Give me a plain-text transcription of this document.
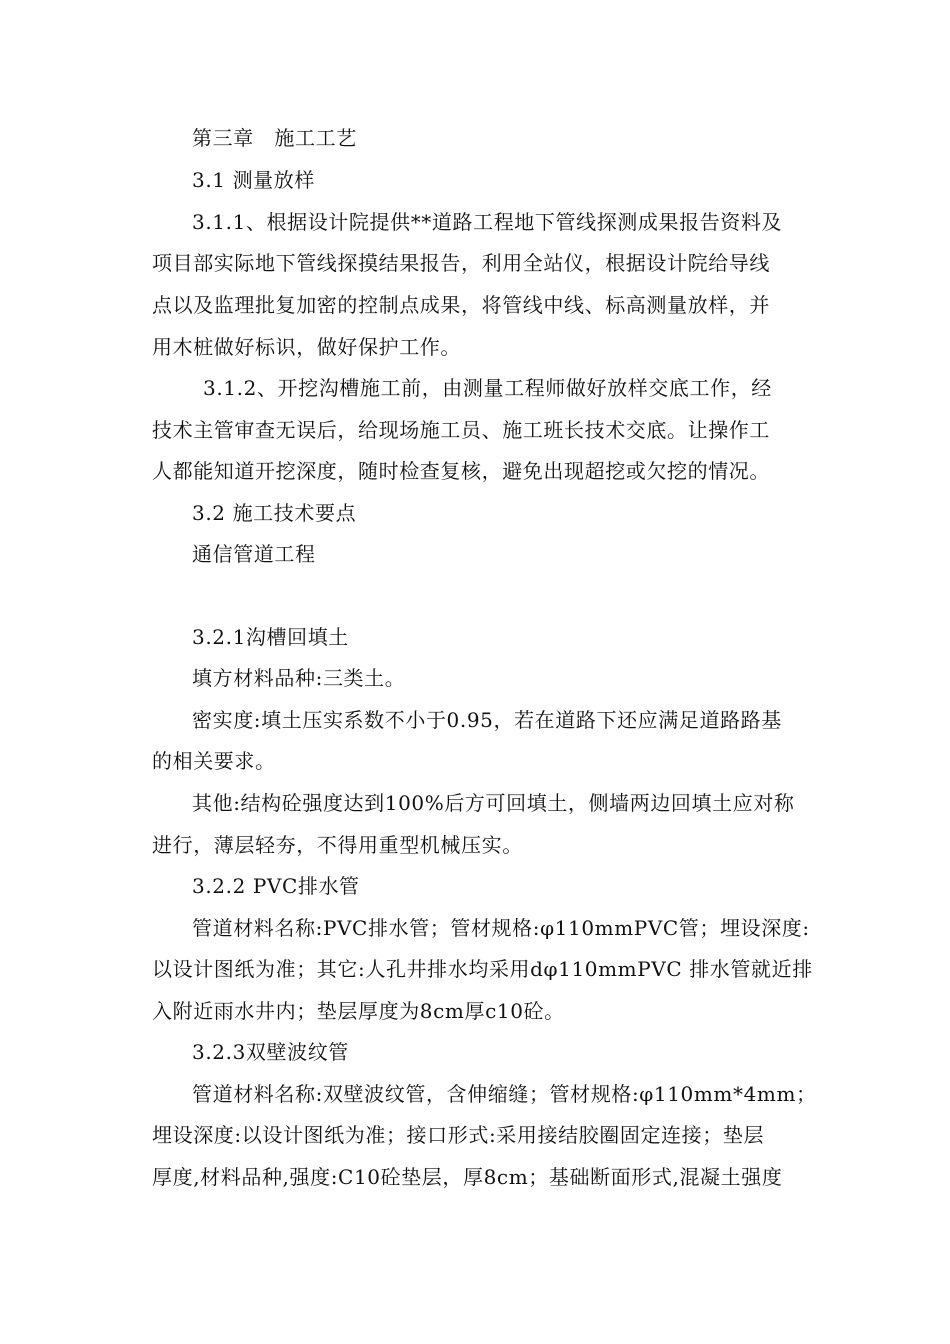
第三章　施工工艺
3.1 测量放样
3.1.1、根据设计院提供**道路工程地下管线探测成果报告资料及
项目部实际地下管线探摸结果报告，利用全站仪，根据设计院给导线
点以及监理批复加密的控制点成果，将管线中线、标高测量放样，并
用木桩做好标识，做好保护工作。
3.1.2、开挖沟槽施工前，由测量工程师做好放样交底工作，经
技术主管审查无误后，给现场施工员、施工班长技术交底。让操作工
人都能知道开挖深度，随时检查复核，避免出现超挖或欠挖的情况。
3.2 施工技术要点
通信管道工程
3.2.1沟槽回填土
填方材料品种:三类土。
密实度:填土压实系数不小于0.95，若在道路下还应满足道路路基
的相关要求。
其他:结构砼强度达到100%后方可回填土，侧墙两边回填土应对称
进行，薄层轻夯，不得用重型机械压实。
3.2.2 PVC排水管
管道材料名称:PVC排水管；管材规格:φ110mmPVC管；埋设深度:
以设计图纸为准；其它:人孔井排水均采用dφ110mmPVC 排水管就近排
入附近雨水井内；垫层厚度为8cm厚c10砼。
3.2.3双壁波纹管
管道材料名称:双壁波纹管，含伸缩缝；管材规格:φ110mm*4mm；
埋设深度:以设计图纸为准；接口形式:采用接结胶圈固定连接；垫层
厚度,材料品种,强度:C10砼垫层，厚8cm；基础断面形式,混凝土强度
